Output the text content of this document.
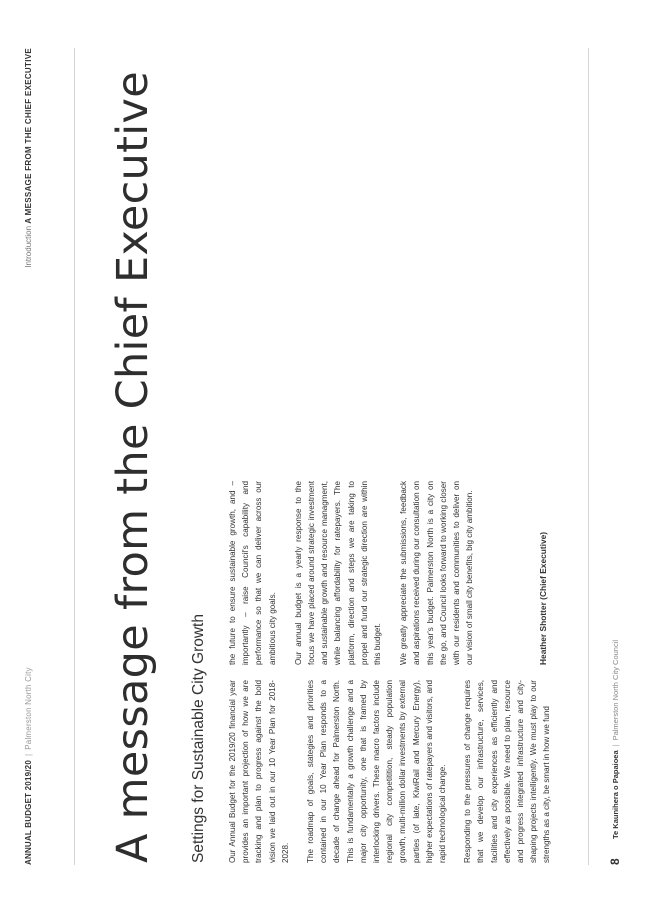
ANNUAL BUDGET 2019/20|Palmerston North City
Introduction A MESSAGE FROM THE CHIEF EXECUTIVE A message from the Chief Executive Settings for Sustainable City Growth	Our Annual Budget for the 2019/20 financial year provides an important projection of how we are tracking and plan to progress against the bold vision we laid out in our 10 Year Plan for 2018-2028. The roadmap of goals, stategies and priorities contained in our 10 Year Plan responds to a decade of change ahead for Palmerston North. This is fundamentally a growth challenge and a major city opportunity, one that is framed by interlocking drivers. These macro factors include regional city competitition, steady population growth, multi-million dollar investments by external parties (of late, KiwiRail and Mercury Energy), higher expectations of ratepayers and visitors, and rapid technological change. Responding to the pressures of change requires that we develop our infrastructure, services, facilities and city experiences as efficiently and effectively as possible. We need to plan, resource and progress integrated infrastructure and city-shaping projects intelligently. We must play to our strengths as a city, be smart in how we fund

the future to ensure sustainable growth, and – importantly – raise Council's capability and performance so that we can deliver across our ambitious city goals. Our annual budget is a yearly response to the focus we have placed around strategic investment and sustainable growth and resource managment, while balancing affordability for ratepayers. The platform, direction and steps we are taking to propel and fund our strategic direction are within this budget. We greatly appreciate the submissions, feedback and aspirations received during our consultation on this year's budget. Palmerston North is a city on the go, and Council looks forward to working closer with our residents and communities to deliver on our vision of small city benefits, big city ambition.	Heather Shotter (Chief Executive)
8
Te Kaunihera o Papaioea|Palmerston North City Council
